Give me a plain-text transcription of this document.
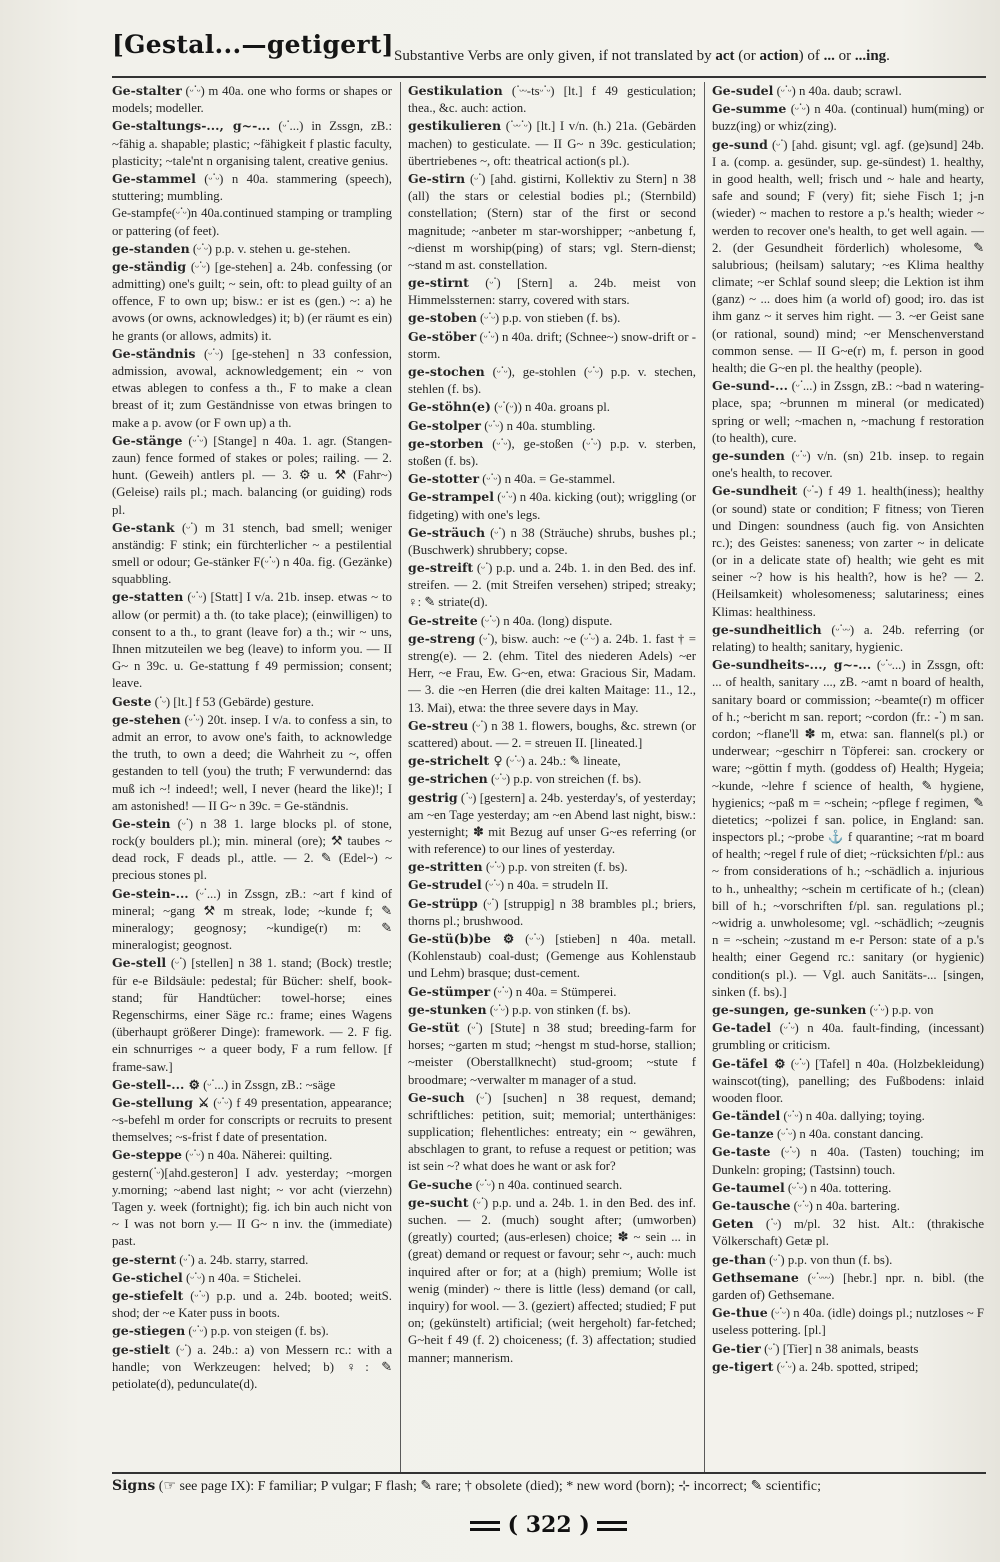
[Gestal...—getigert] Substantive Verbs are only given, if not translated by act (or action) of ... or ...ing.

Ge-stalter (ᵕᐝᵕ) m 40a. one who forms or shapes or models; modeller.

Ge-staltungs-..., g~-... (ᵕᐝ...) in Zssgn, zB.: ~fähig a. shapable; plastic; ~fähigkeit f plastic faculty, plasticity; ~tale'nt n organising talent, creative genius.

Ge-stammel (ᵕᐝᵕ) n 40a. stammering (speech), stuttering; mumbling.

Ge-stampfe(ᵕᐝᵕ)n 40a.continued stamping or trampling or pattering (of feet).

ge-standen (ᵕᐝᵕ) p.p. v. stehen u. ge-stehen.

ge-ständig (ᵕᐝᵕ) [ge-stehen] a. 24b. confessing (or admitting) one's guilt; ~ sein, oft: to plead guilty of an offence, F to own up; bisw.: er ist es (gen.) ~: a) he avows (or owns, acknowledges) it; b) (er räumt es ein) he grants (or allows, admits) it.

Ge-ständnis (ᵕᐝᵕ) [ge-stehen] n 33 confession, admission, avowal, acknowledgement; ein ~ von etwas ablegen to confess a th., F to make a clean breast of it; zum Geständnisse von etwas bringen to make a p. avow (or F own up) a th.

Ge-stänge (ᵕᐝᵕ) [Stange] n 40a. 1. agr. (Stangen-zaun) fence formed of stakes or poles; railing. — 2. hunt. (Geweih) antlers pl. — 3. ⚙ u. ⚒ (Fahr~) (Geleise) rails pl.; mach. balancing (or guiding) rods pl.

Ge-stank (ᵕᐝ) m 31 stench, bad smell; weniger anständig: F stink; ein fürchterlicher ~ a pestilential smell or odour; Ge-stänker F(ᵕᐝᵕ) n 40a. fig. (Gezänke) squabbling.

ge-statten (ᵕᐝᵕ) [Statt] I v/a. 21b. insep. etwas ~ to allow (or permit) a th. (to take place); (einwilligen) to consent to a th., to grant (leave for) a th.; wir ~ uns, Ihnen mitzuteilen we beg (leave) to inform you. — II G~ n 39c. u. Ge-stattung f 49 permission; consent; leave.

Geste (ᐝᵕ) [lt.] f 53 (Gebärde) gesture.

ge-stehen (ᵕᐝᵕ) 20t. insep. I v/a. to confess a sin, to admit an error, to avow one's faith, to acknowledge the truth, to own a deed; die Wahrheit zu ~, offen gestanden to tell (you) the truth; F verwundernd: das muß ich ~! indeed!; well, I never (heard the like)!; I am astonished! — II G~ n 39c. = Ge-ständnis.

Ge-stein (ᵕᐝ) n 38 1. large blocks pl. of stone, rock(y boulders pl.); min. mineral (ore); ⚒ taubes ~ dead rock, F deads pl., attle. — 2. ✎ (Edel~) ~ precious stones pl.

Ge-stein-... (ᵕᐝ...) in Zssgn, zB.: ~art f kind of mineral; ~gang ⚒ m streak, lode; ~kunde f; ✎ mineralogy; geognosy; ~kundige(r) m: ✎ mineralogist; geognost.

Ge-stell (ᵕᐝ) [stellen] n 38 1. stand; (Bock) trestle; für e-e Bildsäule: pedestal; für Bücher: shelf, book-stand; für Handtücher: towel-horse; eines Regenschirms, einer Säge rc.: frame; eines Wagens (überhaupt größerer Dinge): framework. — 2. F fig. ein schnurriges ~ a queer body, F a rum fellow. [f frame-saw.]

Ge-stell-... ⚙ (ᵕᐝ...) in Zssgn, zB.: ~säge

Ge-stellung ⚔ (ᵕᐝᵕ) f 49 presentation, appearance; ~s-befehl m order for conscripts or recruits to present themselves; ~s-frist f date of presentation.

Ge-steppe (ᵕᐝᵕ) n 40a. Näherei: quilting.

gestern(ᐝᵕ)[ahd.gesteron] I adv. yesterday; ~morgen y.morning; ~abend last night; ~ vor acht (vierzehn) Tagen y. week (fortnight); fig. ich bin auch nicht von ~ I was not born y.— II G~ n inv. the (immediate) past.

ge-sternt (ᵕᐝ) a. 24b. starry, starred.

Ge-stichel (ᵕᐝᵕ) n 40a. = Stichelei.

ge-stiefelt (ᵕᐝᵕ) p.p. und a. 24b. booted; weitS. shod; der ~e Kater puss in boots.

ge-stiegen (ᵕᐝᵕ) p.p. von steigen (f. bs).

ge-stielt (ᵕᐝ) a. 24b.: a) von Messern rc.: with a handle; von Werkzeugen: helved; b) ♀: ✎ petiolate(d), pedunculate(d).

Gestikulation (ᐝᵕᵕ-tsᵕᐝᵕ) [lt.] f 49 gesticulation; thea., &c. auch: action.

gestikulieren (ᐝᵕᵕᐝᵕ) [lt.] I v/n. (h.) 21a. (Gebärden machen) to gesticulate. — II G~ n 39c. gesticulation; übertriebenes ~, oft: theatrical action(s pl.).

Ge-stirn (ᵕᐝ) [ahd. gistirni, Kollektiv zu Stern] n 38 (all) the stars or celestial bodies pl.; (Sternbild) constellation; (Stern) star of the first or second magnitude; ~anbeter m star-worshipper; ~anbetung f, ~dienst m worship(ping) of stars; vgl. Stern-dienst; ~stand m ast. constellation.

ge-stirnt (ᵕᐝ) [Stern] a. 24b. meist von Himmelssternen: starry, covered with stars.

ge-stoben (ᵕᐝᵕ) p.p. von stieben (f. bs).

Ge-stöber (ᵕᐝᵕ) n 40a. drift; (Schnee~) snow-drift or -storm.

ge-stochen (ᵕᐝᵕ), ge-stohlen (ᵕᐝᵕ) p.p. v. stechen, stehlen (f. bs).

Ge-stöhn(e) (ᵕᐝ(ᵕ)) n 40a. groans pl.

Ge-stolper (ᵕᐝᵕ) n 40a. stumbling.

ge-storben (ᵕᐝᵕ), ge-stoßen (ᵕᐝᵕ) p.p. v. sterben, stoßen (f. bs).

Ge-stotter (ᵕᐝᵕ) n 40a. = Ge-stammel.

Ge-strampel (ᵕᐝᵕ) n 40a. kicking (out); wriggling (or fidgeting) with one's legs.

Ge-sträuch (ᵕᐝ) n 38 (Sträuche) shrubs, bushes pl.; (Buschwerk) shrubbery; copse.

ge-streift (ᵕᐝ) p.p. und a. 24b. 1. in den Bed. des inf. streifen. — 2. (mit Streifen versehen) striped; streaky; ♀: ✎ striate(d).

Ge-streite (ᵕᐝᵕ) n 40a. (long) dispute.

ge-streng (ᵕᐝ), bisw. auch: ~e (ᵕᐝᵕ) a. 24b. 1. fast † = streng(e). — 2. (ehm. Titel des niederen Adels) ~er Herr, ~e Frau, Ew. G~en, etwa: Gracious Sir, Madam. — 3. die ~en Herren (die drei kalten Maitage: 11., 12., 13. Mai), etwa: the three severe days in May.

Ge-streu (ᵕᐝ) n 38 1. flowers, boughs, &c. strewn (or scattered) about. — 2. = streuen II. [lineated.]

ge-strichelt ♀ (ᵕᐝᵕ) a. 24b.: ✎ lineate,

ge-strichen (ᵕᐝᵕ) p.p. von streichen (f. bs).

gestrig (ᐝᵕ) [gestern] a. 24b. yesterday's, of yesterday; am ~en Tage yesterday; am ~en Abend last night, bisw.: yesternight; ✽ mit Bezug auf unser G~es referring (or with reference) to our lines of yesterday.

ge-stritten (ᵕᐝᵕ) p.p. von streiten (f. bs).

Ge-strudel (ᵕᐝᵕ) n 40a. = strudeln II.

Ge-strüpp (ᵕᐝ) [struppig] n 38 brambles pl.; briers, thorns pl.; brushwood.

Ge-stü(b)be ⚙ (ᵕᐝᵕ) [stieben] n 40a. metall. (Kohlenstaub) coal-dust; (Gemenge aus Kohlenstaub und Lehm) brasque; dust-cement.

Ge-stümper (ᵕᐝᵕ) n 40a. = Stümperei.

ge-stunken (ᵕᐝᵕ) p.p. von stinken (f. bs).

Ge-stüt (ᵕᐝ) [Stute] n 38 stud; breeding-farm for horses; ~garten m stud; ~hengst m stud-horse, stallion; ~meister (Oberstallknecht) stud-groom; ~stute f broodmare; ~verwalter m manager of a stud.

Ge-such (ᵕᐝ) [suchen] n 38 request, demand; schriftliches: petition, suit; memorial; unterthäniges: supplication; flehentliches: entreaty; ein ~ gewähren, abschlagen to grant, to refuse a request or petition; was ist sein ~? what does he want or ask for?

Ge-suche (ᵕᐝᵕ) n 40a. continued search.

ge-sucht (ᵕᐝ) p.p. und a. 24b. 1. in den Bed. des inf. suchen. — 2. (much) sought after; (umworben) (greatly) courted; (aus-erlesen) choice; ✽ ~ sein ... in (great) demand or request or favour; sehr ~, auch: much inquired after or for; at a (high) premium; Wolle ist wenig (minder) ~ there is little (less) demand (or call, inquiry) for wool. — 3. (geziert) affected; studied; F put on; (gekünstelt) artificial; (weit hergeholt) far-fetched; G~heit f 49 (f. 2) choiceness; (f. 3) affectation; studied manner; mannerism.

Ge-sudel (ᵕᐝᵕ) n 40a. daub; scrawl.

Ge-summe (ᵕᐝᵕ) n 40a. (continual) hum(ming) or buzz(ing) or whiz(zing).

ge-sund (ᵕᐝ) [ahd. gisunt; vgl. agf. (ge)sund] 24b. I a. (comp. a. gesünder, sup. ge-sündest) 1. healthy, in good health, well; frisch und ~ hale and hearty, safe and sound; F (very) fit; siehe Fisch 1; j-n (wieder) ~ machen to restore a p.'s health; wieder ~ werden to recover one's health, to get well again. — 2. (der Gesundheit förderlich) wholesome, ✎ salubrious; (heilsam) salutary; ~es Klima healthy climate; ~er Schlaf sound sleep; die Lektion ist ihm (ganz) ~ ... does him (a world of) good; iro. das ist ihm ganz ~ it serves him right. — 3. ~er Geist sane (or rational, sound) mind; ~er Menschenverstand common sense. — II G~e(r) m, f. person in good health; die G~en pl. the healthy (people).

Ge-sund-... (ᵕᐝ...) in Zssgn, zB.: ~bad n watering-place, spa; ~brunnen m mineral (or medicated) spring or well; ~machen n, ~machung f restoration (to health), cure.

ge-sunden (ᵕᐝᵕ) v/n. (sn) 21b. insep. to regain one's health, to recover.

Ge-sundheit (ᵕᐝ-) f 49 1. health(iness); healthy (or sound) state or condition; F fitness; von Tieren und Dingen: soundness (auch fig. von Ansichten rc.); des Geistes: saneness; von zarter ~ in delicate (or in a delicate state of) health; wie geht es mit seiner ~? how is his health?, how is he? — 2. (Heilsamkeit) wholesomeness; salutariness; eines Klimas: healthiness.

ge-sundheitlich (ᵕᐝᵕᵕ) a. 24b. referring (or relating) to health; sanitary, hygienic.

Ge-sundheits-..., g~-... (ᵕᐝᵕ...) in Zssgn, oft: ... of health, sanitary ..., zB. ~amt n board of health, sanitary board or commission; ~beamte(r) m officer of h.; ~bericht m san. report; ~cordon (fr.: -ᐝ) m san. cordon; ~flane'll ✽ m, etwa: san. flannel(s pl.) or underwear; ~geschirr n Töpferei: san. crockery or ware; ~göttin f myth. (goddess of) Health; Hygeia; ~kunde, ~lehre f science of health, ✎ hygiene, hygienics; ~paß m = ~schein; ~pflege f regimen, ✎ dietetics; ~polizei f san. police, in England: san. inspectors pl.; ~probe ⚓ f quarantine; ~rat m board of health; ~regel f rule of diet; ~rücksichten f/pl.: aus ~ from considerations of h.; ~schädlich a. injurious to h., unhealthy; ~schein m certificate of h.; (clean) bill of h.; ~vorschriften f/pl. san. regulations pl.; ~widrig a. unwholesome; vgl. ~schädlich; ~zeugnis n = ~schein; ~zustand m e-r Person: state of a p.'s health; einer Gegend rc.: sanitary (or hygienic) condition(s pl.). — Vgl. auch Sanitäts-... [singen, sinken (f. bs).]

ge-sungen, ge-sunken (ᵕᐝᵕ) p.p. von

Ge-tadel (ᵕᐝᵕ) n 40a. fault-finding, (incessant) grumbling or criticism.

Ge-täfel ⚙ (ᵕᐝᵕ) [Tafel] n 40a. (Holzbekleidung) wainscot(ting), panelling; des Fußbodens: inlaid wooden floor.

Ge-tändel (ᵕᐝᵕ) n 40a. dallying; toying.

Ge-tanze (ᵕᐝᵕ) n 40a. constant dancing.

Ge-taste (ᵕᐝᵕ) n 40a. (Tasten) touching; im Dunkeln: groping; (Tastsinn) touch.

Ge-taumel (ᵕᐝᵕ) n 40a. tottering.

Ge-tausche (ᵕᐝᵕ) n 40a. bartering.

Geten (ᐝᵕ) m/pl. 32 hist. Alt.: (thrakische Völkerschaft) Getæ pl.

ge-than (ᵕᐝ) p.p. von thun (f. bs).

Gethsemane (ᵕᐝᵕᵕᵕ) [hebr.] npr. n. bibl. (the garden of) Gethsemane.

Ge-thue (ᵕᐝᵕ) n 40a. (idle) doings pl.; nutzloses ~ F useless pottering. [pl.]

Ge-tier (ᵕᐝ) [Tier] n 38 animals, beasts

ge-tigert (ᵕᐝᵕ) a. 24b. spotted, striped;

Signs (☞ see page IX): F familiar; P vulgar; F flash; ✎ rare; † obsolete (died); * new word (born); ⊹ incorrect; ✎ scientific;
( 322 )
